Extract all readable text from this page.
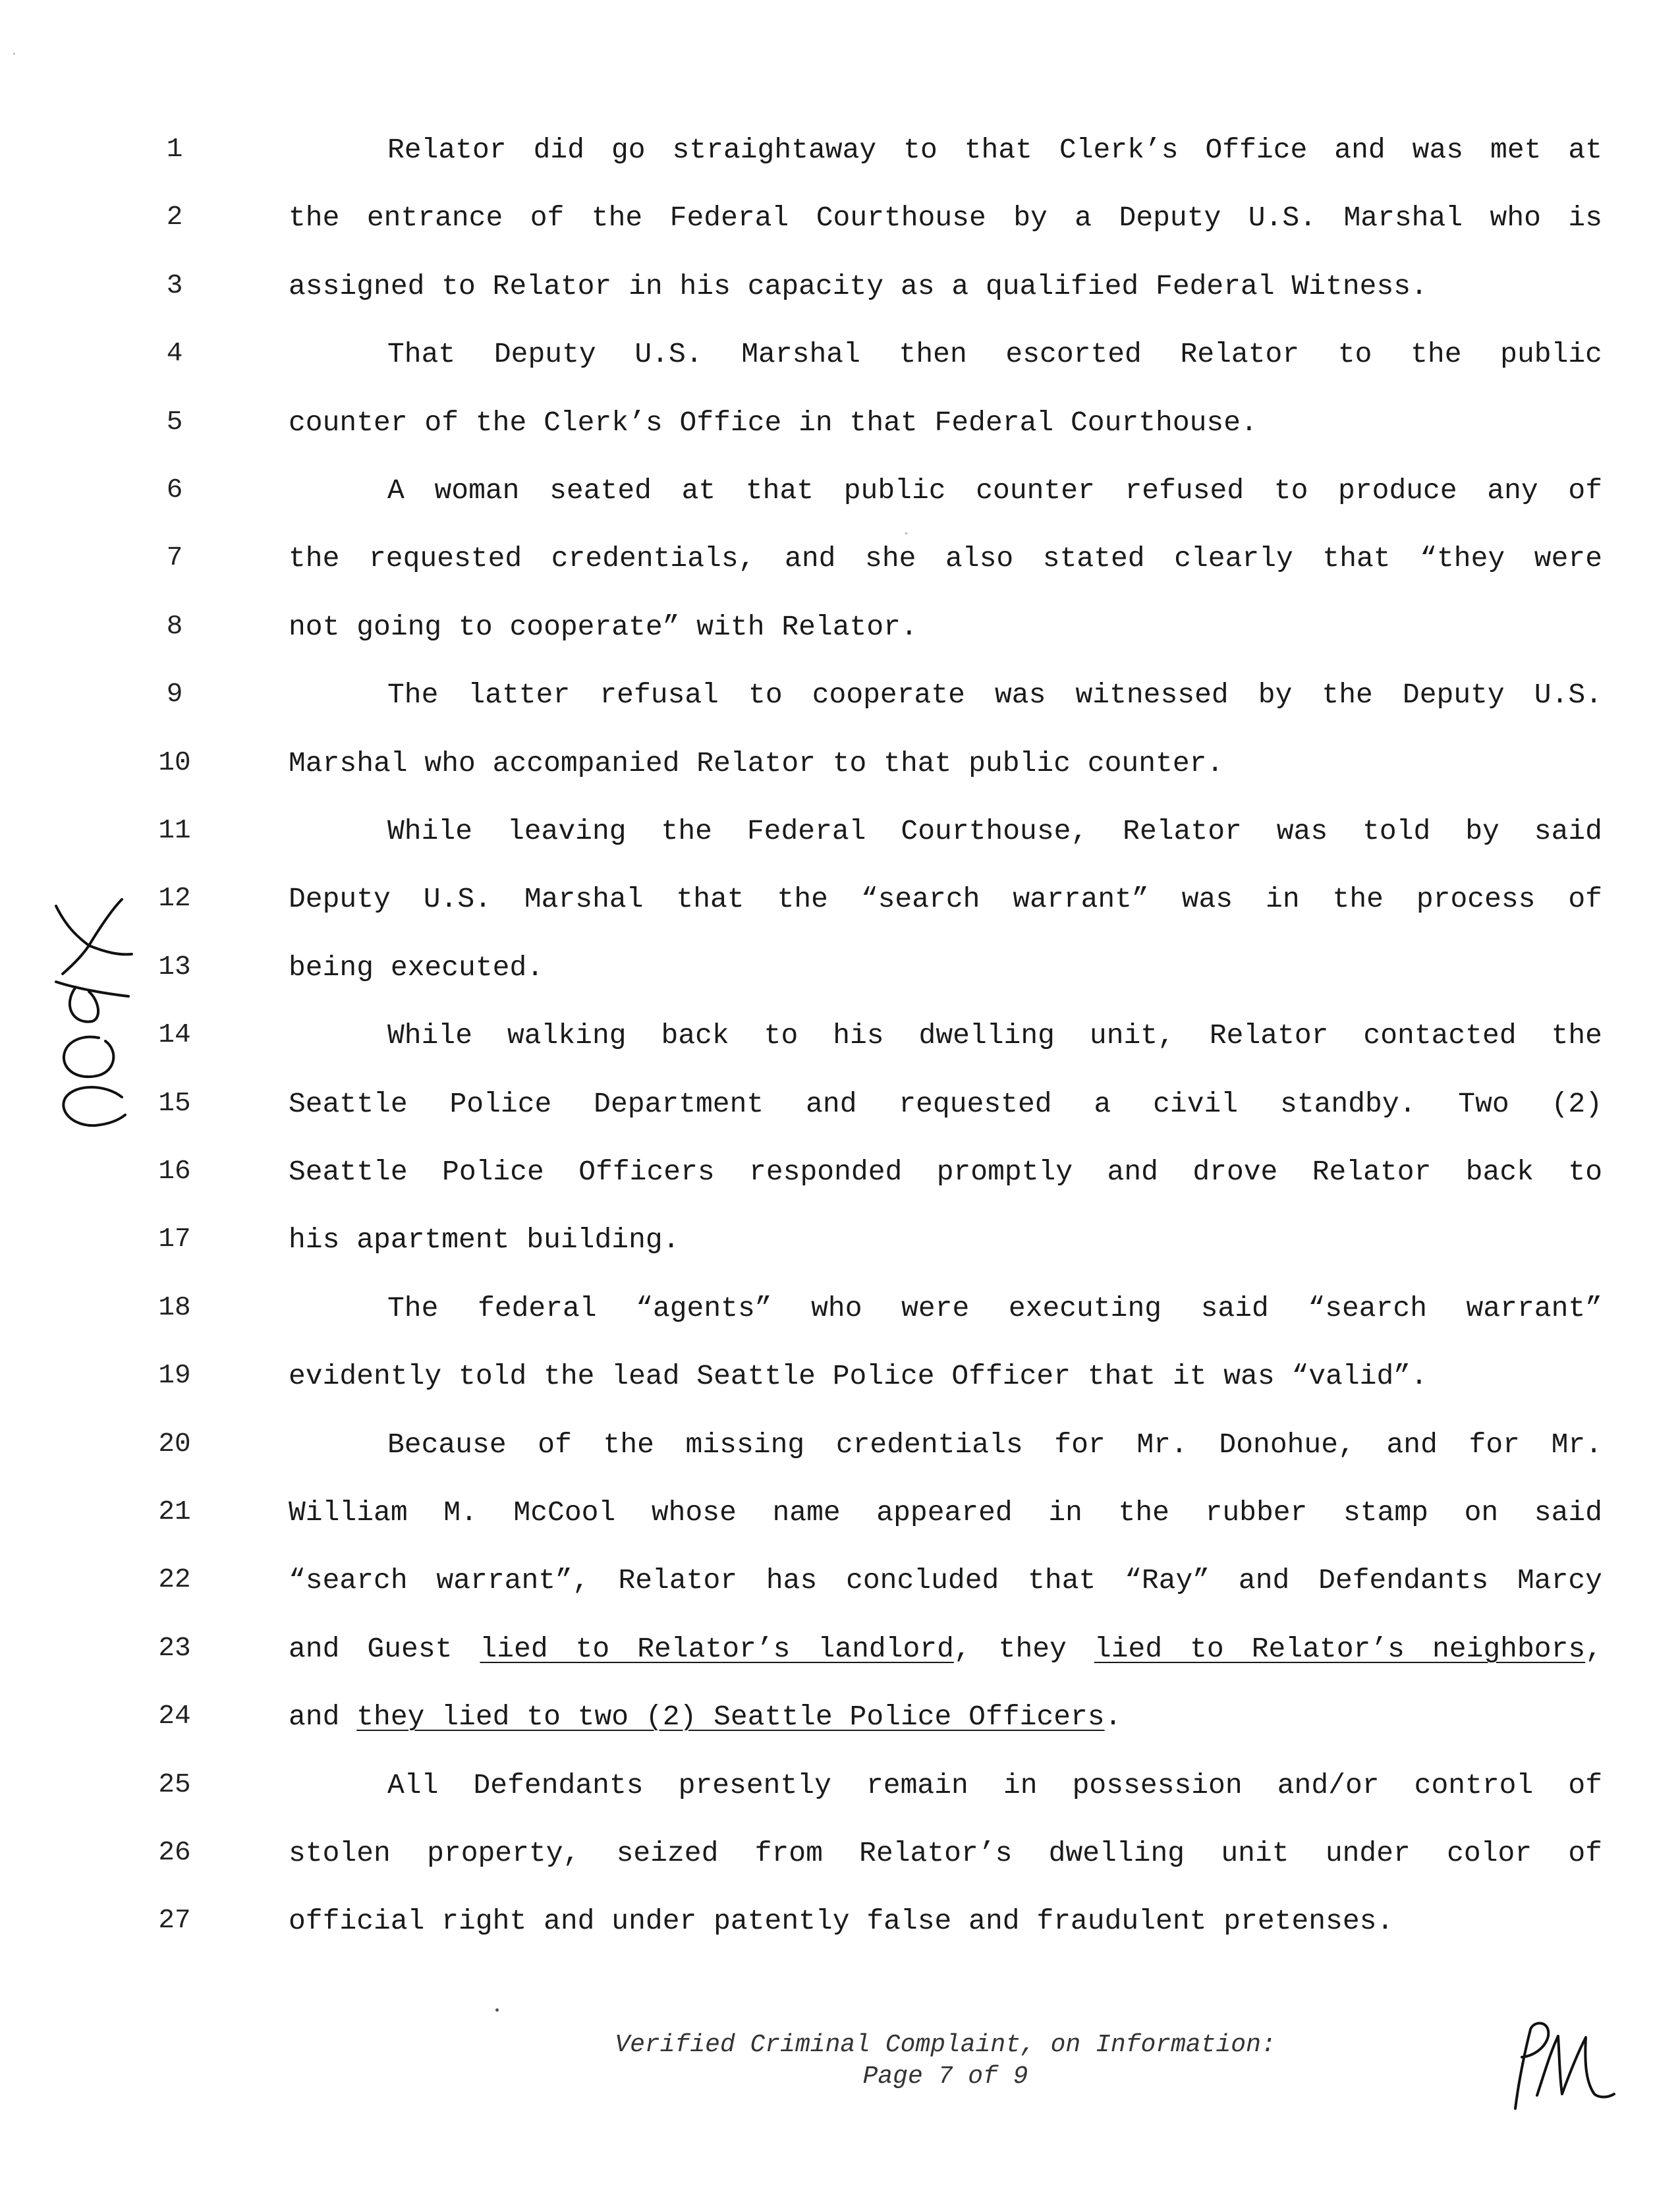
1	Relator did go straightaway to that Clerk’s Office and was met at
2	the entrance of the Federal Courthouse by a Deputy U.S. Marshal who is
3	assigned to Relator in his capacity as a qualified Federal Witness.
4	That Deputy U.S. Marshal then escorted Relator to the public
5	counter of the Clerk’s Office in that Federal Courthouse.
6	A woman seated at that public counter refused to produce any of
7	the requested credentials, and she also stated clearly that “they were
8	not going to cooperate” with Relator.
9	The latter refusal to cooperate was witnessed by the Deputy U.S.
10	Marshal who accompanied Relator to that public counter.
11	While leaving the Federal Courthouse, Relator was told by said
12	Deputy U.S. Marshal that the “search warrant” was in the process of
13	being executed.
14	While walking back to his dwelling unit, Relator contacted the
15	Seattle Police Department and requested a civil standby. Two (2)
16	Seattle Police Officers responded promptly and drove Relator back to
17	his apartment building.
18	The federal “agents” who were executing said “search warrant”
19	evidently told the lead Seattle Police Officer that it was “valid”.
20	Because of the missing credentials for Mr. Donohue, and for Mr.
21	William M. McCool whose name appeared in the rubber stamp on said
22	“search warrant”, Relator has concluded that “Ray” and Defendants Marcy
23	and Guest lied to Relator’s landlord, they lied to Relator’s neighbors,
24	and they lied to two (2) Seattle Police Officers.
25	All Defendants presently remain in possession and/or control of
26	stolen property, seized from Relator’s dwelling unit under color of
27	official right and under patently false and fraudulent pretenses.
Verified Criminal Complaint, on Information:
Page 7 of 9
